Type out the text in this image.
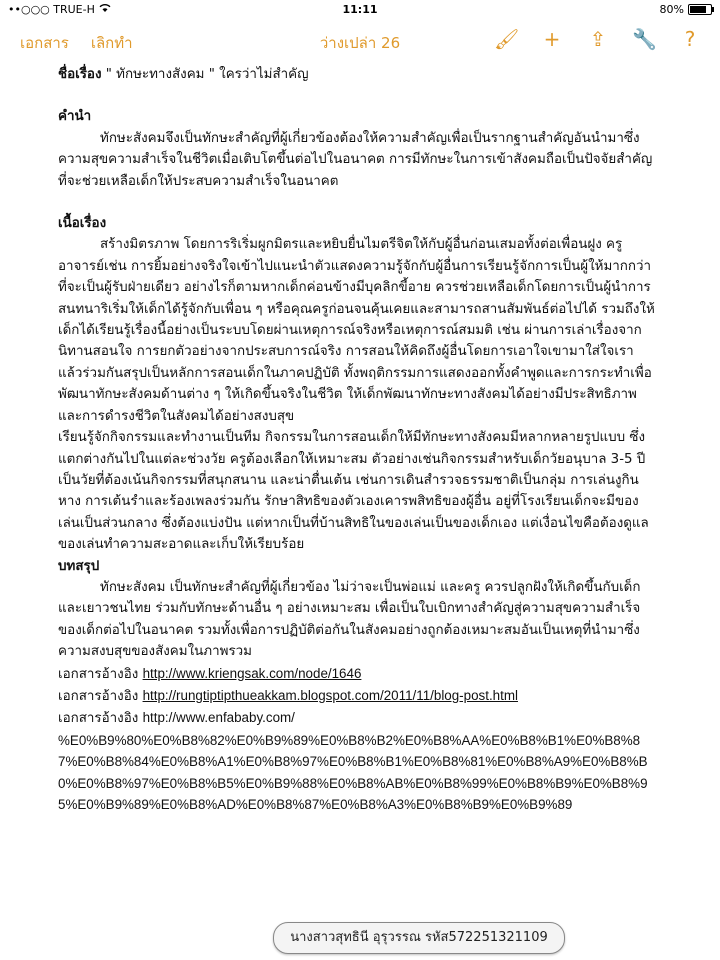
••○○○ TRUE-H	11:11	80%
เอกสาร เลิกทำ	ว่างเปล่า 26	🖌 + ⇪ 🔧	?

ชื่อเรื่อง " ทักษะทางสังคม " ใครว่าไม่สำคัญ

คำนำ

ทักษะสังคมจึงเป็นทักษะสำคัญที่ผู้เกี่ยวข้องต้องให้ความสำคัญเพื่อเป็นรากฐานสำคัญอันนำมาซึ่งความสุขความสำเร็จในชีวิตเมื่อเติบโตขึ้นต่อไปในอนาคต การมีทักษะในการเข้าสังคมถือเป็นปัจจัยสำคัญที่จะช่วยเหลือเด็กให้ประสบความสำเร็จในอนาคต

เนื้อเรื่อง

สร้างมิตรภาพ โดยการริเริ่มผูกมิตรและหยิบยื่นไมตรีจิตให้กับผู้อื่นก่อนเสมอทั้งต่อเพื่อนฝูง ครูอาจารย์เช่น การยิ้มอย่างจริงใจเข้าไปแนะนำตัวแสดงความรู้จักกับผู้อื่นการเรียนรู้จักการเป็นผู้ให้มากกว่าที่จะเป็นผู้รับฝ่ายเดียว อย่างไรก็ตามหากเด็กค่อนข้างมีบุคลิกขี้อาย ควรช่วยเหลือเด็กโดยการเป็นผู้นำการสนทนาริเริ่มให้เด็กได้รู้จักกับเพื่อน ๆ หรือคุณครูก่อนจนคุ้นเคยและสามารถสานสัมพันธ์ต่อไปได้ รวมถึงให้เด็กได้เรียนรู้เรื่องนี้อย่างเป็นระบบโดยผ่านเหตุการณ์จริงหรือเหตุการณ์สมมติ เช่น ผ่านการเล่าเรื่องจากนิทานสอนใจ การยกตัวอย่างจากประสบการณ์จริง การสอนให้คิดถึงผู้อื่นโดยการเอาใจเขามาใส่ใจเรา แล้วร่วมกันสรุปเป็นหลักการสอนเด็กในภาคปฏิบัติ ทั้งพฤติกรรมการแสดงออกทั้งคำพูดและการกระทำเพื่อพัฒนาทักษะสังคมด้านต่าง ๆ ให้เกิดขึ้นจริงในชีวิต ให้เด็กพัฒนาทักษะทางสังคมได้อย่างมีประสิทธิภาพ และการดำรงชีวิตในสังคมได้อย่างสงบสุข

เรียนรู้จักกิจกรรมและทำงานเป็นทีม กิจกรรมในการสอนเด็กให้มีทักษะทางสังคมมีหลากหลายรูปแบบ ซึ่งแตกต่างกันไปในแต่ละช่วงวัย ครูต้องเลือกให้เหมาะสม ตัวอย่างเช่นกิจกรรมสำหรับเด็กวัยอนุบาล 3-5 ปี เป็นวัยที่ต้องเน้นกิจกรรมที่สนุกสนาน และน่าตื่นเต้น เช่นการเดินสำรวจธรรมชาติเป็นกลุ่ม การเล่นงูกินหาง การเต้นรำและร้องเพลงร่วมกัน รักษาสิทธิของตัวเองเคารพสิทธิของผู้อื่น อยู่ที่โรงเรียนเด็กจะมีของเล่นเป็นส่วนกลาง ซึ่งต้องแบ่งปัน แต่หากเป็นที่บ้านสิทธิในของเล่นเป็นของเด็กเอง แต่เงื่อนไขคือต้องดูแลของเล่นทำความสะอาดและเก็บให้เรียบร้อย

บทสรุป

ทักษะสังคม เป็นทักษะสำคัญที่ผู้เกี่ยวข้อง ไม่ว่าจะเป็นพ่อแม่ และครู ควรปลูกฝังให้เกิดขึ้นกับเด็กและเยาวชนไทย ร่วมกับทักษะด้านอื่น ๆ อย่างเหมาะสม เพื่อเป็นใบเบิกทางสำคัญสู่ความสุขความสำเร็จของเด็กต่อไปในอนาคต รวมทั้งเพื่อการปฏิบัติต่อกันในสังคมอย่างถูกต้องเหมาะสมอันเป็นเหตุที่นำมาซึ่งความสงบสุขของสังคมในภาพรวม

เอกสารอ้างอิง http://www.kriengsak.com/node/1646

เอกสารอ้างอิง http://rungtiptipthueakkam.blogspot.com/2011/11/blog-post.html

เอกสารอ้างอิง http://www.enfababy.com/

%E0%B9%80%E0%B8%82%E0%B9%89%E0%B8%B2%E0%B8%AA%E0%B8%B1%E0%B8%87%E0%B8%84%E0%B8%A1%E0%B8%97%E0%B8%B1%E0%B8%81%E0%B8%A9%E0%B8%B0%E0%B8%97%E0%B8%B5%E0%B9%88%E0%B8%AB%E0%B8%99%E0%B8%B9%E0%B8%95%E0%B9%89%E0%B8%AD%E0%B8%87%E0%B8%A3%E0%B8%B9%E0%B9%89

นางสาวสุทธินี อุรุวรรณ รหัส572251321109
